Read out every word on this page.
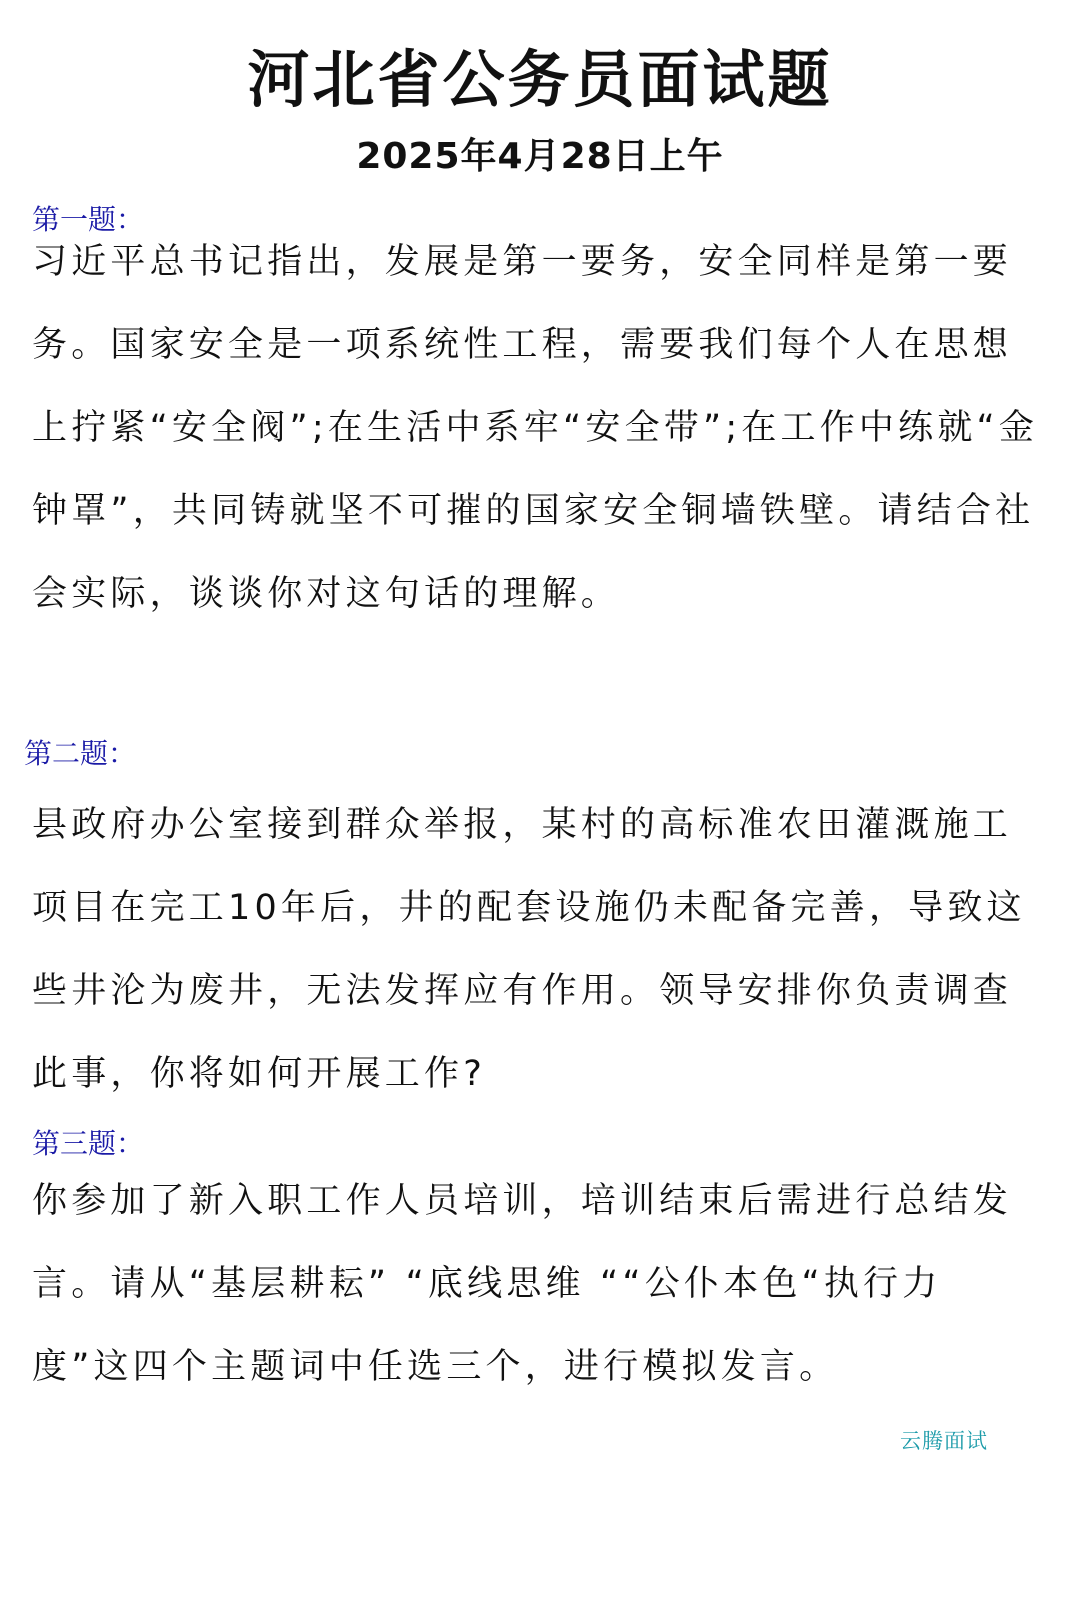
河北省公务员面试题
2025年4月28日上午
第一题：

习近平总书记指出，发展是第一要务，安全同样是第一要务。国家安全是一项系统性工程，需要我们每个人在思想上拧紧“安全阀”;在生活中系牢“安全带”;在工作中练就“金钟罩”，共同铸就坚不可摧的国家安全铜墙铁壁。请结合社会实际，谈谈你对这句话的理解。

第二题：

县政府办公室接到群众举报，某村的高标准农田灌溉施工项目在完工10年后，井的配套设施仍未配备完善，导致这些井沦为废井，无法发挥应有作用。领导安排你负责调查此事，你将如何开展工作?

第三题：

你参加了新入职工作人员培训，培训结束后需进行总结发言。请从“基层耕耘” “底线思维 ““公仆本色“执行力度”这四个主题词中任选三个，进行模拟发言。

云腾面试
